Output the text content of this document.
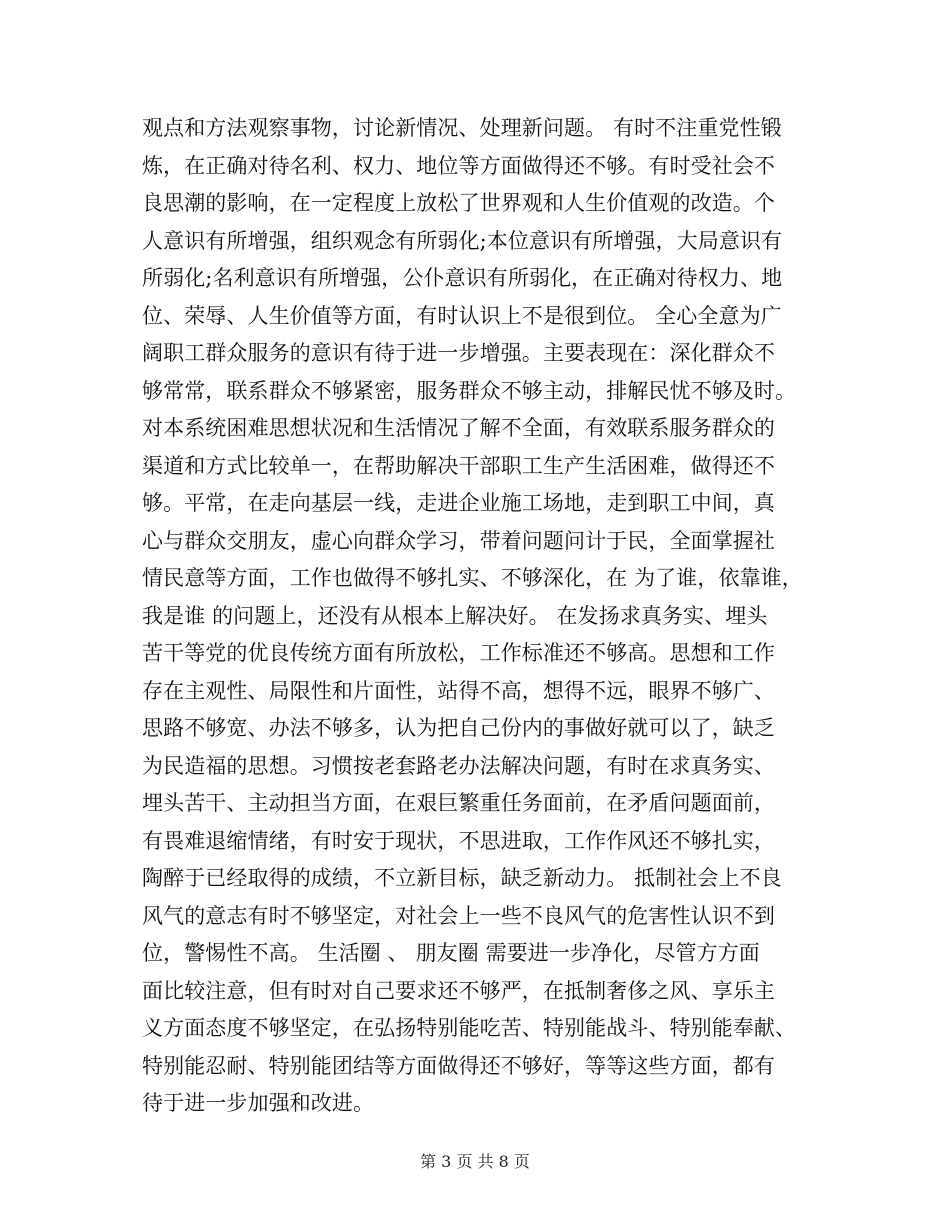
观点和方法观察事物，讨论新情况、处理新问题。 有时不注重党性锻
炼，在正确对待名利、权力、地位等方面做得还不够。有时受社会不
良思潮的影响，在一定程度上放松了世界观和人生价值观的改造。个
人意识有所增强，组织观念有所弱化;本位意识有所增强，大局意识有
所弱化;名利意识有所增强，公仆意识有所弱化，在正确对待权力、地
位、荣辱、人生价值等方面，有时认识上不是很到位。 全心全意为广
阔职工群众服务的意识有待于进一步增强。主要表现在：深化群众不
够常常，联系群众不够紧密，服务群众不够主动，排解民忧不够及时。
对本系统困难思想状况和生活情况了解不全面，有效联系服务群众的
渠道和方式比较单一，在帮助解决干部职工生产生活困难，做得还不
够。平常，在走向基层一线，走进企业施工场地，走到职工中间，真
心与群众交朋友，虚心向群众学习，带着问题问计于民，全面掌握社
情民意等方面，工作也做得不够扎实、不够深化，在 为了谁，依靠谁，
我是谁 的问题上，还没有从根本上解决好。 在发扬求真务实、埋头
苦干等党的优良传统方面有所放松，工作标准还不够高。思想和工作
存在主观性、局限性和片面性，站得不高，想得不远，眼界不够广、
思路不够宽、办法不够多，认为把自己份内的事做好就可以了，缺乏
为民造福的思想。习惯按老套路老办法解决问题，有时在求真务实、
埋头苦干、主动担当方面，在艰巨繁重任务面前，在矛盾问题面前，
有畏难退缩情绪，有时安于现状，不思进取，工作作风还不够扎实，
陶醉于已经取得的成绩，不立新目标，缺乏新动力。 抵制社会上不良
风气的意志有时不够坚定，对社会上一些不良风气的危害性认识不到
位，警惕性不高。 生活圈 、 朋友圈 需要进一步净化，尽管方方面
面比较注意，但有时对自己要求还不够严，在抵制奢侈之风、享乐主
义方面态度不够坚定，在弘扬特别能吃苦、特别能战斗、特别能奉献、
特别能忍耐、特别能团结等方面做得还不够好，等等这些方面，都有
待于进一步加强和改进。
第 3 页 共 8 页
